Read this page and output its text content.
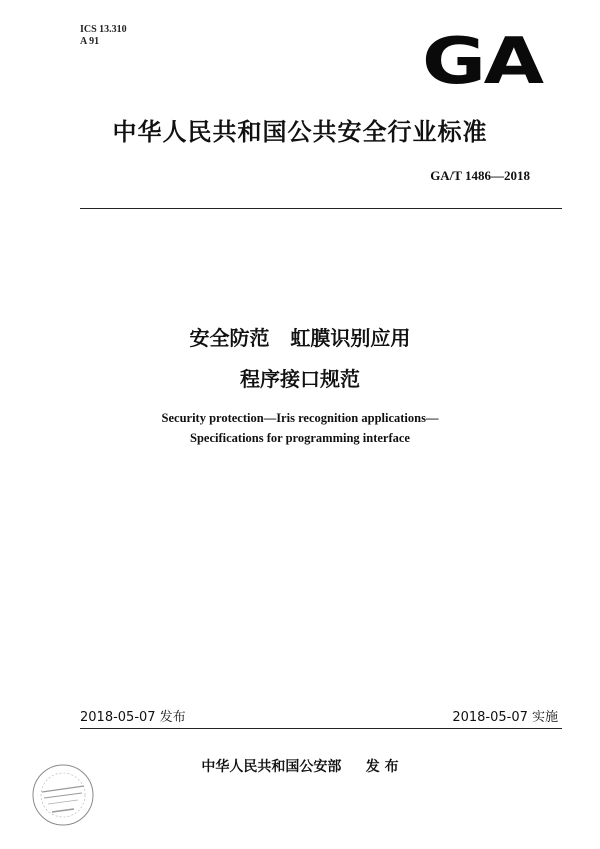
ICS 13.310
A 91	GA
中华人民共和国公共安全行业标准
GA/T 1486—2018
安全防范   虹膜识别应用
程序接口规范
Security protection—Iris recognition applications—
Specifications for programming interface
2018-05-07 发布	2018-05-07 实施
中华人民共和国公安部     发 布
